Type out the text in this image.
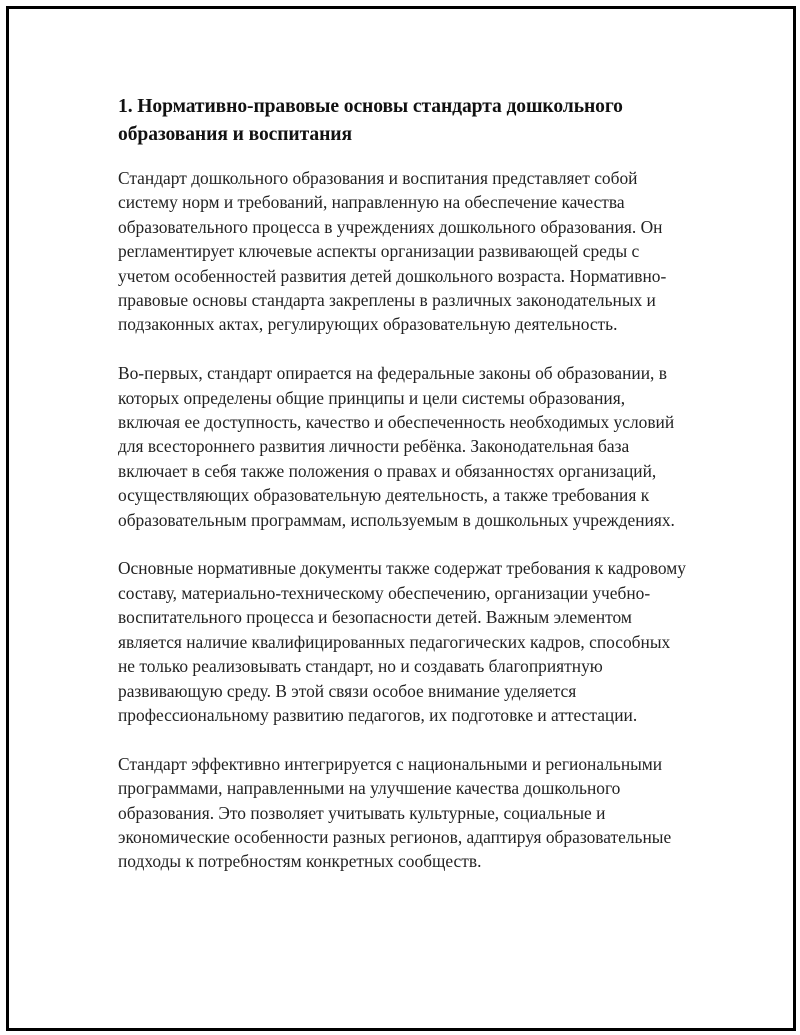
1. Нормативно-правовые основы стандарта дошкольного образования и воспитания

Стандарт дошкольного образования и воспитания представляет собой систему норм и требований, направленную на обеспечение качества образовательного процесса в учреждениях дошкольного образования. Он регламентирует ключевые аспекты организации развивающей среды с учетом особенностей развития детей дошкольного возраста. Нормативно-правовые основы стандарта закреплены в различных законодательных и подзаконных актах, регулирующих образовательную деятельность.

Во-первых, стандарт опирается на федеральные законы об образовании, в которых определены общие принципы и цели системы образования, включая ее доступность, качество и обеспеченность необходимых условий для всестороннего развития личности ребёнка. Законодательная база включает в себя также положения о правах и обязанностях организаций, осуществляющих образовательную деятельность, а также требования к образовательным программам, используемым в дошкольных учреждениях.

Основные нормативные документы также содержат требования к кадровому составу, материально-техническому обеспечению, организации учебно-воспитательного процесса и безопасности детей. Важным элементом является наличие квалифицированных педагогических кадров, способных не только реализовывать стандарт, но и создавать благоприятную развивающую среду. В этой связи особое внимание уделяется профессиональному развитию педагогов, их подготовке и аттестации.

Стандарт эффективно интегрируется с национальными и региональными программами, направленными на улучшение качества дошкольного образования. Это позволяет учитывать культурные, социальные и экономические особенности разных регионов, адаптируя образовательные подходы к потребностям конкретных сообществ.
